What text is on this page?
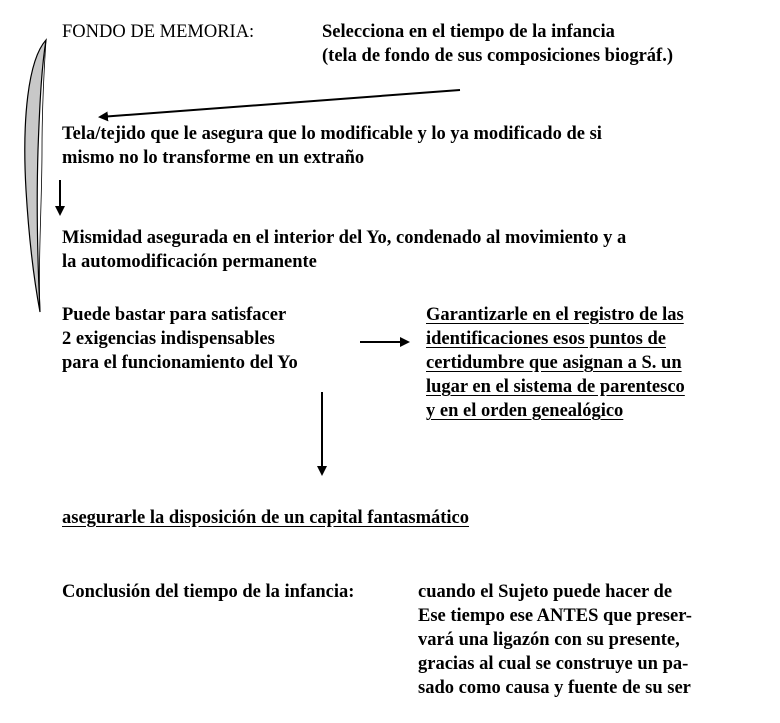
FONDO DE MEMORIA:	Selecciona en el tiempo de la infancia
(tela de fondo de sus composiciones biográf.)
Tela/tejido que le asegura que lo modificable y lo ya modificado de si
mismo no lo transforme en un extraño
Mismidad asegurada en el interior del Yo, condenado al movimiento y a
la automodificación permanente
Puede bastar para satisfacer
2 exigencias indispensables
para el funcionamiento del Yo
Garantizarle en el registro de las
identificaciones esos puntos de
certidumbre que asignan a S. un
lugar en el sistema de parentesco
y en el orden genealógico
asegurarle la disposición de un capital fantasmático
Conclusión del tiempo de la infancia:	cuando el Sujeto puede hacer de
Ese tiempo ese ANTES que preser-
vará una ligazón con su presente,
gracias al cual se construye un pa-
sado como causa y fuente de su ser
